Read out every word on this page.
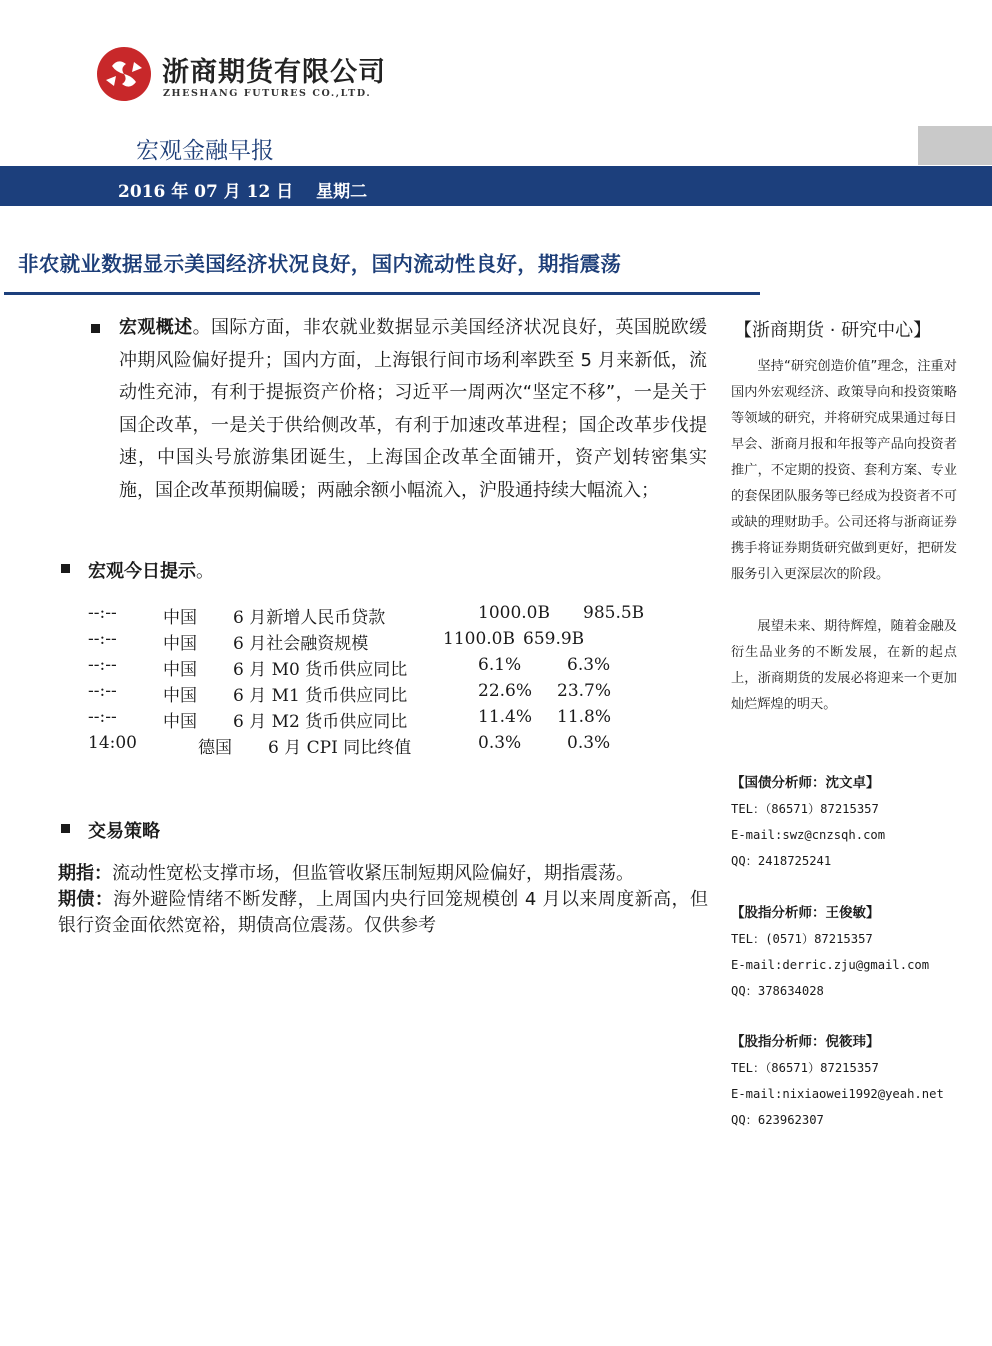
浙商期货有限公司
ZHESHANG FUTURES CO.,LTD.
宏观金融早报
2016 年 07 月 12 日　 星期二
非农就业数据显示美国经济状况良好，国内流动性良好，期指震荡
宏观概述。国际方面，非农就业数据显示美国经济状况良好，英国脱欧缓冲期风险偏好提升；国内方面，上海银行间市场利率跌至 5 月来新低，流动性充沛，有利于提振资产价格；习近平一周两次“坚定不移”，一是关于国企改革，一是关于供给侧改革，有利于加速改革进程；国企改革步伐提速，中国头号旅游集团诞生，上海国企改革全面铺开，资产划转密集实施，国企改革预期偏暖；两融余额小幅流入，沪股通持续大幅流入；
宏观今日提示。
--:--	中国 6 月新增人民币贷款	1000.0B 985.5B
--:--	中国 6 月社会融资规模	1100.0B 659.9B
--:--	中国 6 月 M0 货币供应同比	6.1%	6.3%
--:--	中国 6 月 M1 货币供应同比	22.6% 23.7%
--:--	中国 6 月 M2 货币供应同比	11.4% 11.8%
14:00	德国 6 月 CPI 同比终值	0.3%	0.3%
交易策略
期指：流动性宽松支撑市场，但监管收紧压制短期风险偏好，期指震荡。
期债：海外避险情绪不断发酵，上周国内央行回笼规模创 4 月以来周度新高，但银行资金面依然宽裕，期债高位震荡。仅供参考
【浙商期货 · 研究中心】
坚持“研究创造价值”理念，注重对国内外宏观经济、政策导向和投资策略等领域的研究，并将研究成果通过每日早会、浙商月报和年报等产品向投资者推广，不定期的投资、套利方案、专业的套保团队服务等已经成为投资者不可或缺的理财助手。公司还将与浙商证券携手将证券期货研究做到更好，把研发服务引入更深层次的阶段。
展望未来、期待辉煌，随着金融及衍生品业务的不断发展，在新的起点上，浙商期货的发展必将迎来一个更加灿烂辉煌的明天。
【国债分析师：沈文卓】
TEL：（86571）87215357
E-mail:swz@cnzsqh.com
QQ：2418725241
【股指分析师：王俊敏】
TEL：(0571）87215357
E-mail:derric.zju@gmail.com
QQ：378634028
【股指分析师：倪筱玮】
TEL：（86571）87215357
E-mail:nixiaowei1992@yeah.net
QQ：623962307
